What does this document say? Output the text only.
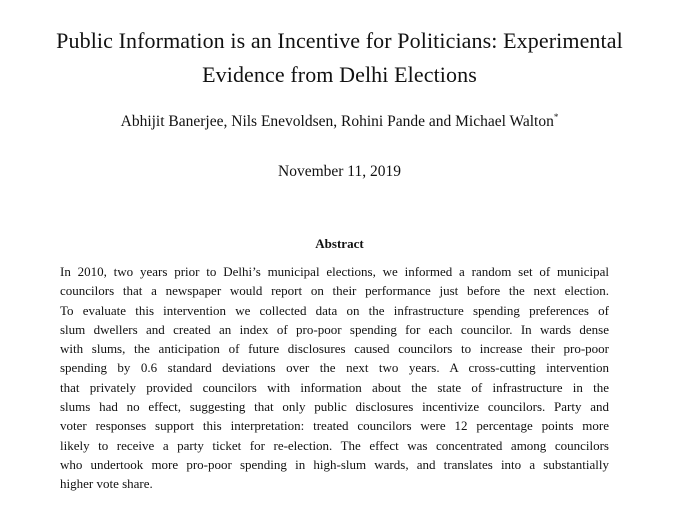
Public Information is an Incentive for Politicians: Experimental
Evidence from Delhi Elections
Abhijit Banerjee, Nils Enevoldsen, Rohini Pande and Michael Walton*
November 11, 2019
Abstract
In 2010, two years prior to Delhi’s municipal elections, we informed a random set of municipal
councilors that a newspaper would report on their performance just before the next election.
To evaluate this intervention we collected data on the infrastructure spending preferences of
slum dwellers and created an index of pro-poor spending for each councilor. In wards dense
with slums, the anticipation of future disclosures caused councilors to increase their pro-poor
spending by 0.6 standard deviations over the next two years. A cross-cutting intervention
that privately provided councilors with information about the state of infrastructure in the
slums had no effect, suggesting that only public disclosures incentivize councilors. Party and
voter responses support this interpretation: treated councilors were 12 percentage points more
likely to receive a party ticket for re-election. The effect was concentrated among councilors
who undertook more pro-poor spending in high-slum wards, and translates into a substantially
higher vote share.
